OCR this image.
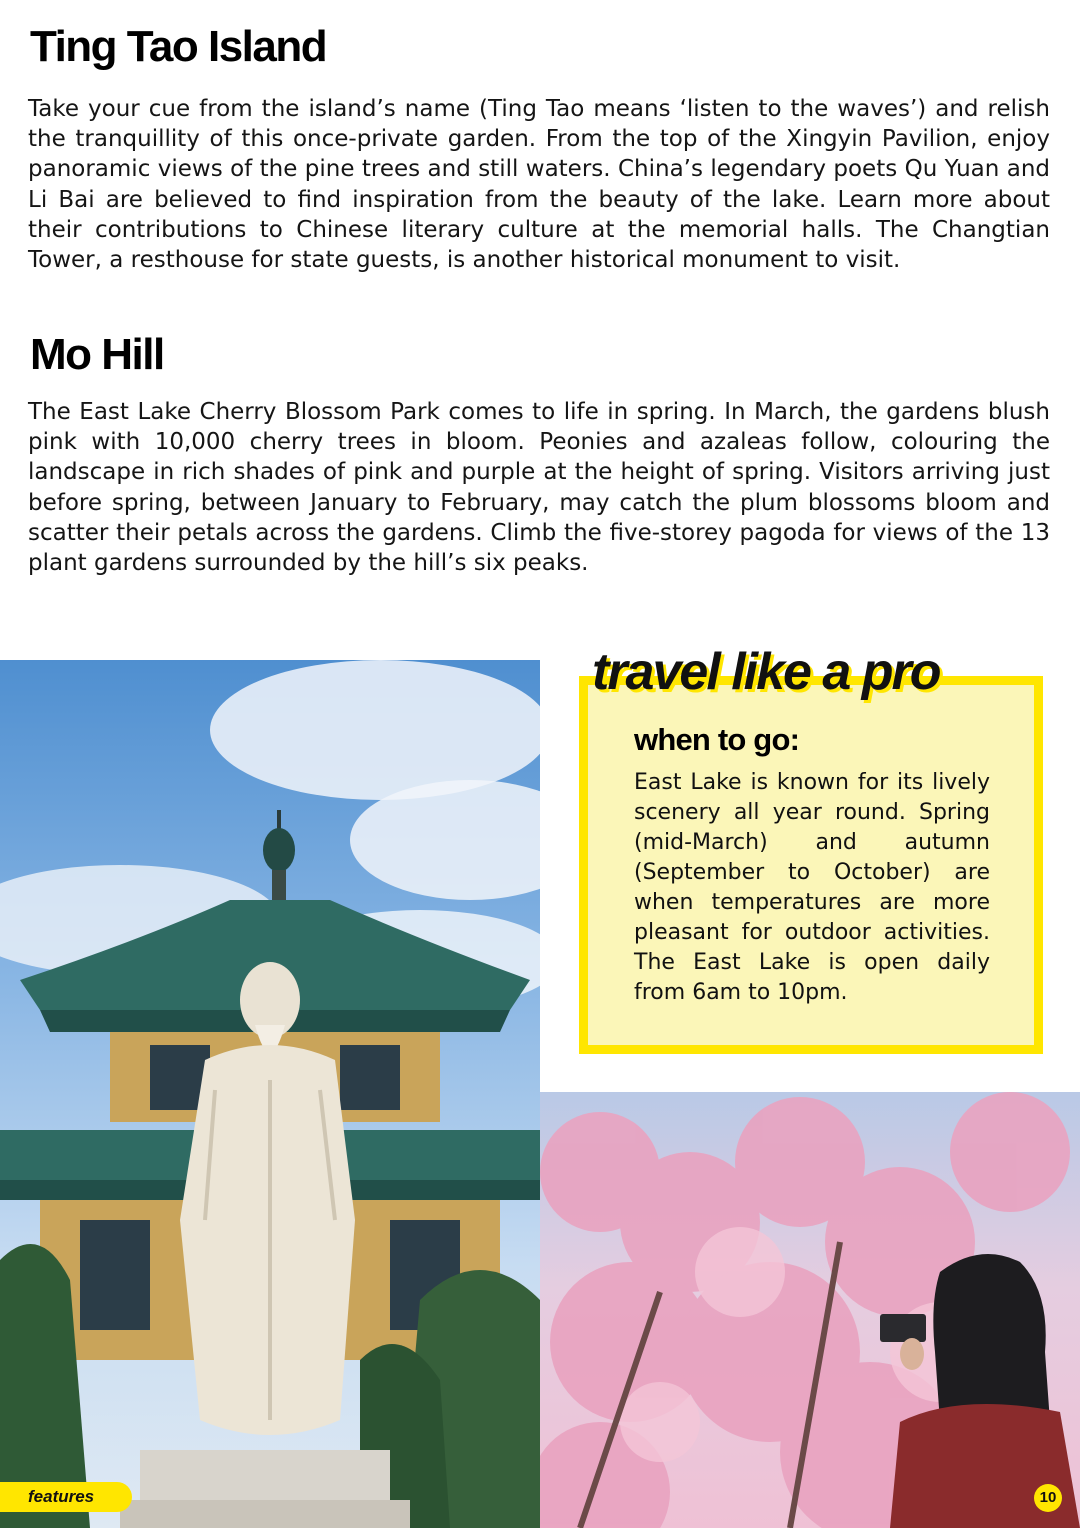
Ting Tao Island

Take your cue from the island’s name (Ting Tao means ‘listen to the waves’) and relish the tranquillity of this once-private garden. From the top of the Xingyin Pavilion, enjoy panoramic views of the pine trees and still waters. China’s legendary poets Qu Yuan and Li Bai are believed to find inspiration from the beauty of the lake. Learn more about their contributions to Chinese literary culture at the memorial halls. The Changtian Tower, a resthouse for state guests, is another historical monument to visit.

Mo Hill

The East Lake Cherry Blossom Park comes to life in spring. In March, the gardens blush pink with 10,000 cherry trees in bloom. Peonies and azaleas follow, colouring the landscape in rich shades of pink and purple at the height of spring. Visitors arriving just before spring, between January to February, may catch the plum blossoms bloom and scatter their petals across the gardens. Climb the five-storey pagoda for views of the 13 plant gardens surrounded by the hill’s six peaks.

travel like a pro
when to go:

East Lake is known for its lively scenery all year round. Spring (mid-March) and autumn (September to October) are when temperatures are more pleasant for outdoor activities. The East Lake is open daily from 6am to 10pm.

features	10
